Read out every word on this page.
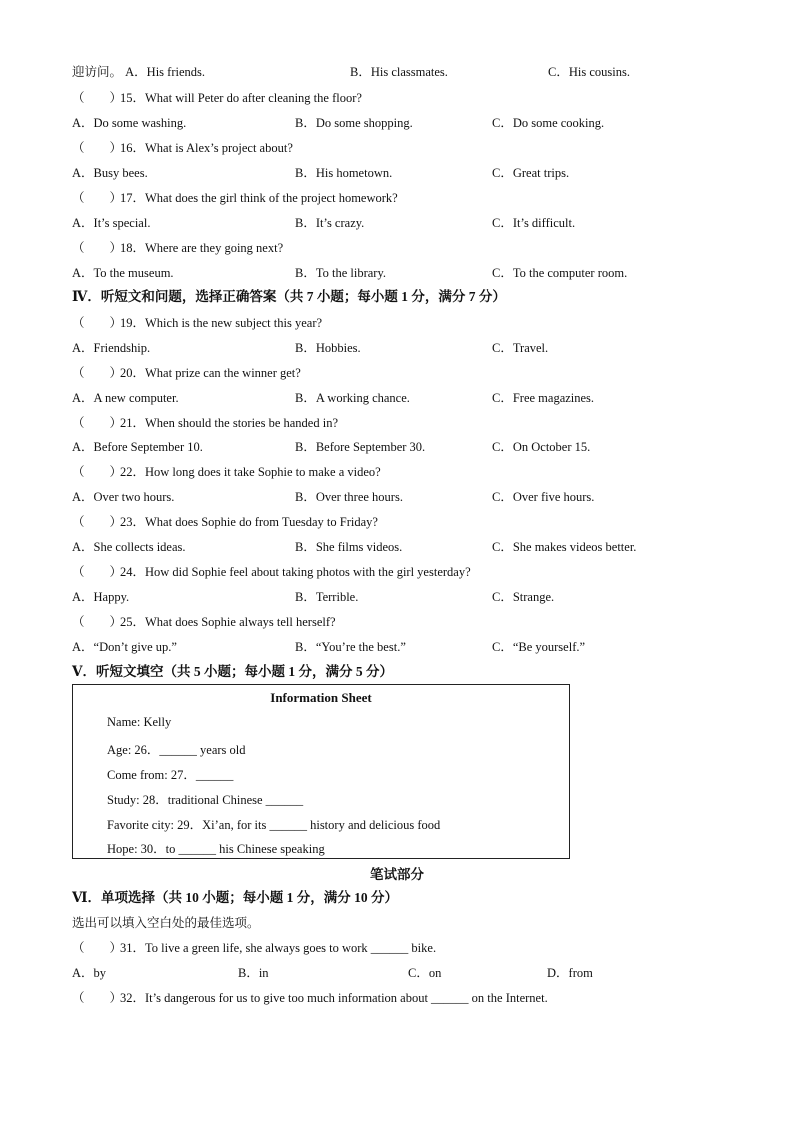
迎访问。 A．His friends.	B．His classmates.	C．His cousins.
（　　）15．What will Peter do after cleaning the floor?
A．Do some washing.	B．Do some shopping.	C．Do some cooking.
（　　）16．What is Alex’s project about?
A．Busy bees.	B．His hometown.	C．Great trips.
（　　）17．What does the girl think of the project homework?
A．It’s special.	B．It’s crazy.	C．It’s difficult.
（　　）18．Where are they going next?
A．To the museum.	B．To the library.	C．To the computer room.
Ⅳ．听短文和问题，选择正确答案（共 7 小题；每小题 1 分，满分 7 分）
（　　）19．Which is the new subject this year?
A．Friendship.	B．Hobbies.	C．Travel.
（　　）20．What prize can the winner get?
A．A new computer.	B．A working chance.	C．Free magazines.
（　　）21．When should the stories be handed in?
A．Before September 10.	B．Before September 30.	C．On October 15.
（　　）22．How long does it take Sophie to make a video?
A．Over two hours.	B．Over three hours.	C．Over five hours.
（　　）23．What does Sophie do from Tuesday to Friday?
A．She collects ideas.	B．She films videos.	C．She makes videos better.
（　　）24．How did Sophie feel about taking photos with the girl yesterday?
A．Happy.	B．Terrible.	C．Strange.
（　　）25．What does Sophie always tell herself?
A．“Don’t give up.”	B．“You’re the best.”	C．“Be yourself.”
Ⅴ．听短文填空（共 5 小题；每小题 1 分，满分 5 分）
Information Sheet
Name: Kelly
Age: 26．______ years old
Come from: 27．______
Study: 28．traditional Chinese ______
Favorite city: 29．Xi’an, for its ______ history and delicious food
Hope: 30．to ______ his Chinese speaking
笔试部分
Ⅵ．单项选择（共 10 小题；每小题 1 分，满分 10 分）
选出可以填入空白处的最佳选项。
（　　）31．To live a green life, she always goes to work ______ bike.
A．by	B．in	C．on	D．from
（　　）32．It’s dangerous for us to give too much information about ______ on the Internet.
